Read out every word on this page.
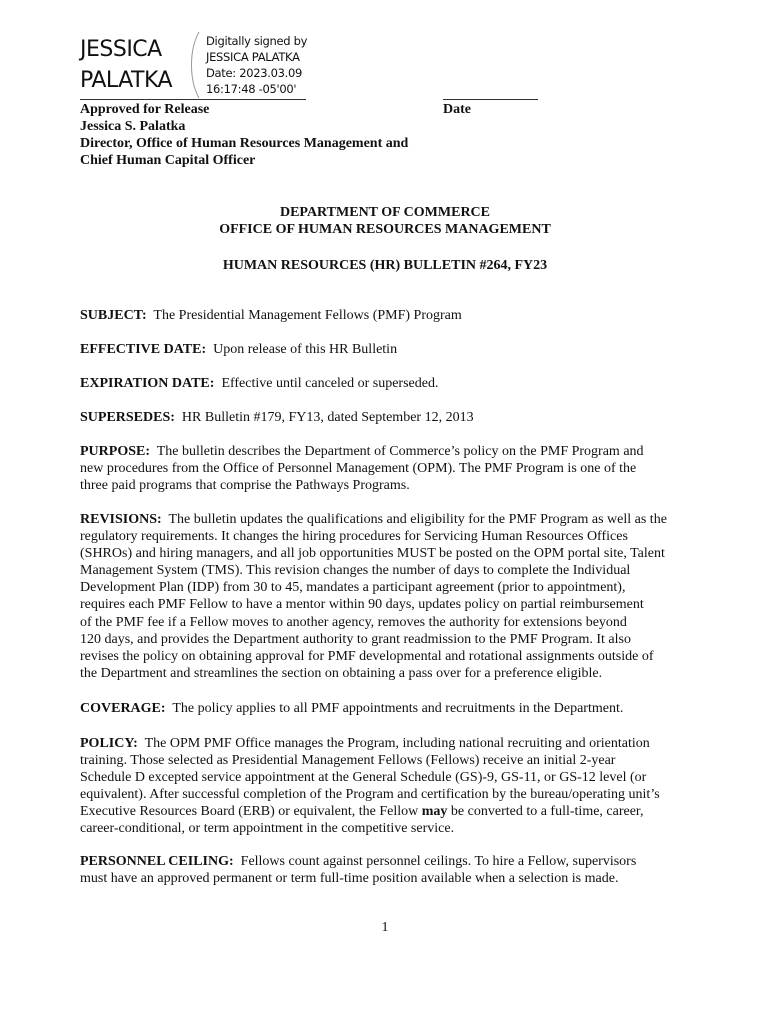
JESSICA
PALATKA
Digitally signed by
JESSICA PALATKA
Date: 2023.03.09
16:17:48 -05'00'
Approved for Release
Jessica S. Palatka
Director, Office of Human Resources Management and
Chief Human Capital Officer
Date
DEPARTMENT OF COMMERCE
OFFICE OF HUMAN RESOURCES MANAGEMENT
HUMAN RESOURCES (HR) BULLETIN #264, FY23
SUBJECT: The Presidential Management Fellows (PMF) Program
EFFECTIVE DATE: Upon release of this HR Bulletin
EXPIRATION DATE: Effective until canceled or superseded.
SUPERSEDES: HR Bulletin #179, FY13, dated September 12, 2013
PURPOSE: The bulletin describes the Department of Commerce’s policy on the PMF Program and
new procedures from the Office of Personnel Management (OPM). The PMF Program is one of the
three paid programs that comprise the Pathways Programs.
REVISIONS: The bulletin updates the qualifications and eligibility for the PMF Program as well as the
regulatory requirements. It changes the hiring procedures for Servicing Human Resources Offices
(SHROs) and hiring managers, and all job opportunities MUST be posted on the OPM portal site, Talent
Management System (TMS). This revision changes the number of days to complete the Individual
Development Plan (IDP) from 30 to 45, mandates a participant agreement (prior to appointment),
requires each PMF Fellow to have a mentor within 90 days, updates policy on partial reimbursement
of the PMF fee if a Fellow moves to another agency, removes the authority for extensions beyond
120 days, and provides the Department authority to grant readmission to the PMF Program. It also
revises the policy on obtaining approval for PMF developmental and rotational assignments outside of
the Department and streamlines the section on obtaining a pass over for a preference eligible.
COVERAGE: The policy applies to all PMF appointments and recruitments in the Department.
POLICY: The OPM PMF Office manages the Program, including national recruiting and orientation
training. Those selected as Presidential Management Fellows (Fellows) receive an initial 2-year
Schedule D excepted service appointment at the General Schedule (GS)-9, GS-11, or GS-12 level (or
equivalent). After successful completion of the Program and certification by the bureau/operating unit’s
Executive Resources Board (ERB) or equivalent, the Fellow may be converted to a full-time, career,
career-conditional, or term appointment in the competitive service.
PERSONNEL CEILING: Fellows count against personnel ceilings. To hire a Fellow, supervisors
must have an approved permanent or term full-time position available when a selection is made.
1
